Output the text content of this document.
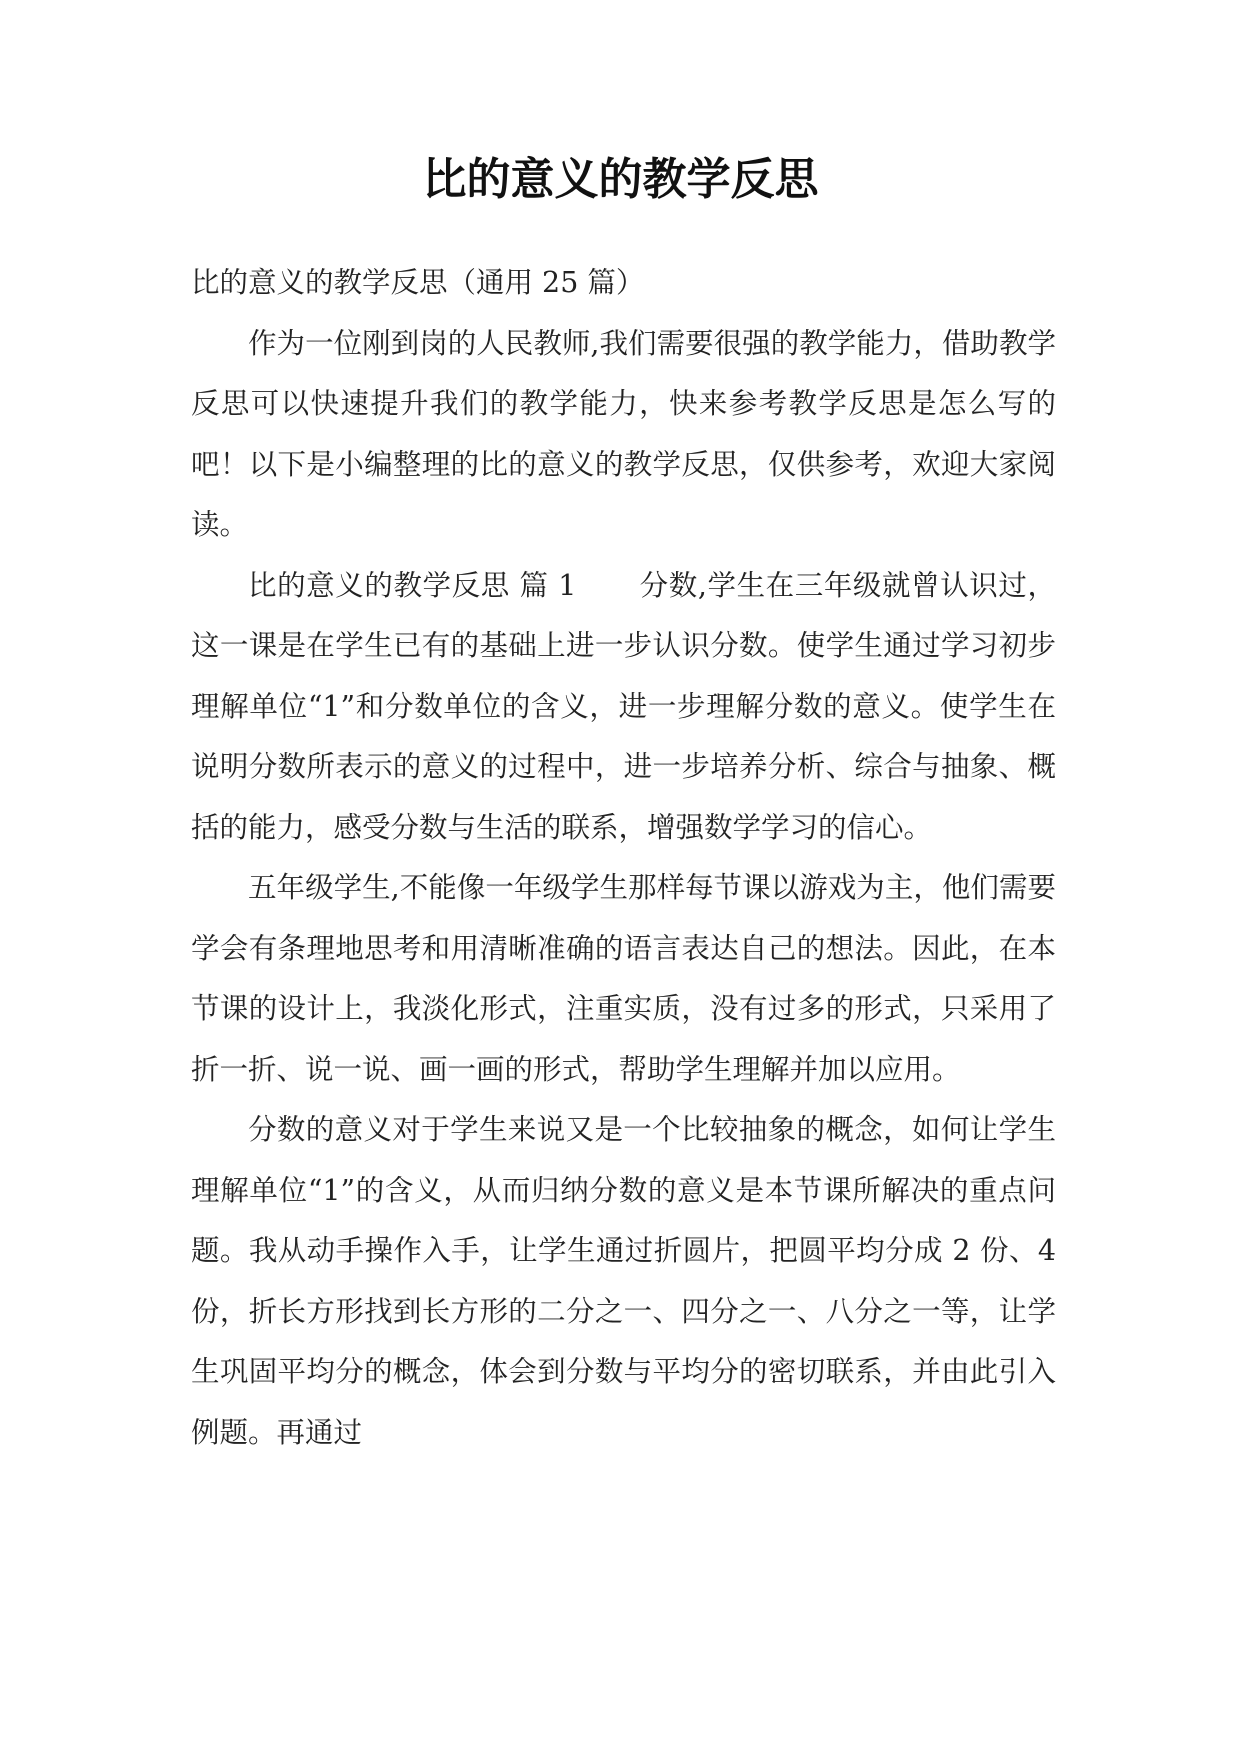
比的意义的教学反思

比的意义的教学反思（通用 25 篇）

作为一位刚到岗的人民教师,我们需要很强的教学能力，借助教学反思可以快速提升我们的教学能力，快来参考教学反思是怎么写的吧！以下是小编整理的比的意义的教学反思，仅供参考，欢迎大家阅读。

比的意义的教学反思 篇 1 分数,学生在三年级就曾认识过，这一课是在学生已有的基础上进一步认识分数。使学生通过学习初步理解单位“1”和分数单位的含义，进一步理解分数的意义。使学生在说明分数所表示的意义的过程中，进一步培养分析、综合与抽象、概括的能力，感受分数与生活的联系，增强数学学习的信心。

五年级学生,不能像一年级学生那样每节课以游戏为主，他们需要学会有条理地思考和用清晰准确的语言表达自己的想法。因此，在本节课的设计上，我淡化形式，注重实质，没有过多的形式，只采用了折一折、说一说、画一画的形式，帮助学生理解并加以应用。

分数的意义对于学生来说又是一个比较抽象的概念，如何让学生理解单位“1”的含义，从而归纳分数的意义是本节课所解决的重点问题。我从动手操作入手，让学生通过折圆片，把圆平均分成 2 份、4 份，折长方形找到长方形的二分之一、四分之一、八分之一等，让学生巩固平均分的概念，体会到分数与平均分的密切联系，并由此引入例题。再通过
